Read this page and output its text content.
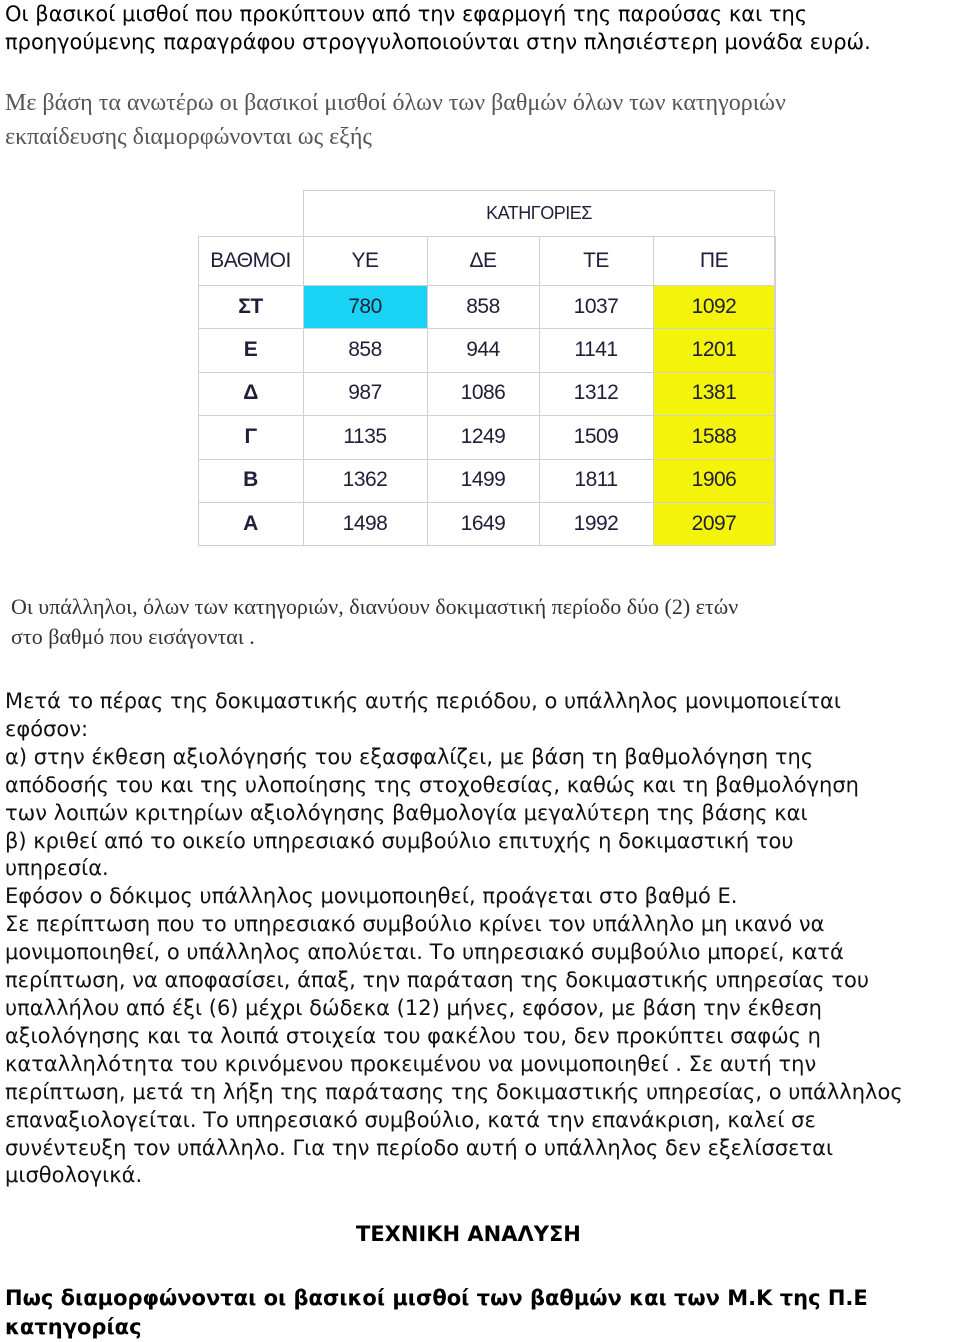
Οι βασικοί μισθοί που προκύπτουν από την εφαρμογή της παρούσας και της
προηγούμενης παραγράφου στρογγυλοποιούνται στην πλησιέστερη μονάδα ευρώ.
Με βάση τα ανωτέρω οι βασικοί μισθοί όλων των βαθμών όλων των κατηγοριών
εκπαίδευσης διαμορφώνονται ως εξής
ΚΑΤΗΓΟΡΙΕΣ
ΒΑΘΜΟΙ	ΥΕ	ΔΕ	ΤΕ	ΠΕ
ΣΤ	780	858	1037	1092
Ε	858	944	1141	1201
Δ	987	1086	1312	1381
Γ	1135	1249	1509	1588
Β	1362	1499	1811	1906
Α	1498	1649	1992	2097
Οι υπάλληλοι, όλων των κατηγοριών, διανύουν δοκιμαστική περίοδο δύο (2) ετών
στο βαθμό που εισάγονται .
Μετά το πέρας της δοκιμαστικής αυτής περιόδου, ο υπάλληλος μονιμοποιείται
εφόσον:
α) στην έκθεση αξιολόγησής του εξασφαλίζει, με βάση τη βαθμολόγηση της
απόδοσής του και της υλοποίησης της στοχοθεσίας, καθώς και τη βαθμολόγηση
των λοιπών κριτηρίων αξιολόγησης βαθμολογία μεγαλύτερη της βάσης και
β) κριθεί από το οικείο υπηρεσιακό συμβούλιο επιτυχής η δοκιμαστική του
υπηρεσία.
Εφόσον ο δόκιμος υπάλληλος μονιμοποιηθεί, προάγεται στο βαθμό Ε.
Σε περίπτωση που το υπηρεσιακό συμβούλιο κρίνει τον υπάλληλο μη ικανό να
μονιμοποιηθεί, ο υπάλληλος απολύεται. Το υπηρεσιακό συμβούλιο μπορεί, κατά
περίπτωση, να αποφασίσει, άπαξ, την παράταση της δοκιμαστικής υπηρεσίας του
υπαλλήλου από έξι (6) μέχρι δώδεκα (12) μήνες, εφόσον, με βάση την έκθεση
αξιολόγησης και τα λοιπά στοιχεία του φακέλου του, δεν προκύπτει σαφώς η
καταλληλότητα του κρινόμενου προκειμένου να μονιμοποιηθεί . Σε αυτή την
περίπτωση, μετά τη λήξη της παράτασης της δοκιμαστικής υπηρεσίας, ο υπάλληλος
επαναξιολογείται. Το υπηρεσιακό συμβούλιο, κατά την επανάκριση, καλεί σε
συνέντευξη τον υπάλληλο. Για την περίοδο αυτή ο υπάλληλος δεν εξελίσσεται
μισθολογικά.
ΤΕΧΝΙΚΗ ΑΝΑΛΥΣΗ
Πως διαμορφώνονται οι βασικοί μισθοί των βαθμών και των Μ.Κ της Π.Ε
κατηγορίας
